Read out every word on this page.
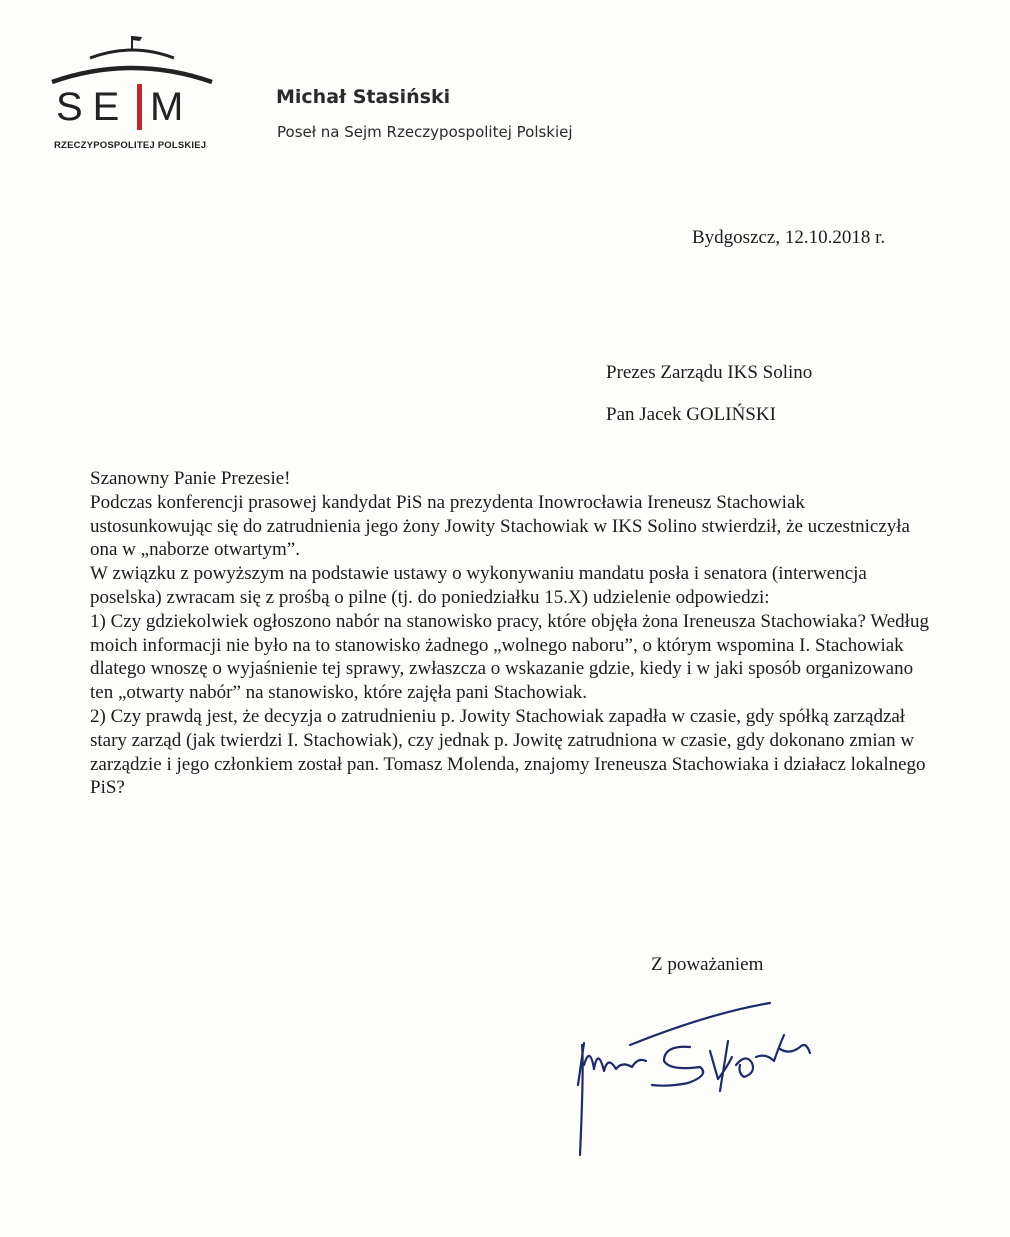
SE M
RZECZYPOSPOLITEJ POLSKIEJ
Michał Stasiński
Poseł na Sejm Rzeczypospolitej Polskiej
Bydgoszcz, 12.10.2018 r.
Prezes Zarządu IKS Solino
Pan Jacek GOLIŃSKI

Szanowny Panie Prezesie!

Podczas konferencji prasowej kandydat PiS na prezydenta Inowrocławia Ireneusz Stachowiak ustosunkowując się do zatrudnienia jego żony Jowity Stachowiak w IKS Solino stwierdził, że uczestniczyła ona w „naborze otwartym”.

W związku z powyższym na podstawie ustawy o wykonywaniu mandatu posła i senatora (interwencja poselska) zwracam się z prośbą o pilne (tj. do poniedziałku 15.X) udzielenie odpowiedzi:

1) Czy gdziekolwiek ogłoszono nabór na stanowisko pracy, które objęła żona Ireneusza Stachowiaka? Według moich informacji nie było na to stanowisko żadnego „wolnego naboru”, o którym wspomina I. Stachowiak dlatego wnoszę o wyjaśnienie tej sprawy, zwłaszcza o wskazanie gdzie, kiedy i w jaki sposób organizowano ten „otwarty nabór” na stanowisko, które zajęła pani Stachowiak.

2) Czy prawdą jest, że decyzja o zatrudnieniu p. Jowity Stachowiak zapadła w czasie, gdy spółką zarządzał stary zarząd (jak twierdzi I. Stachowiak), czy jednak p. Jowitę zatrudniona w czasie, gdy dokonano zmian w zarządzie i jego członkiem został pan. Tomasz Molenda, znajomy Ireneusza Stachowiaka i działacz lokalnego PiS?

Z poważaniem
